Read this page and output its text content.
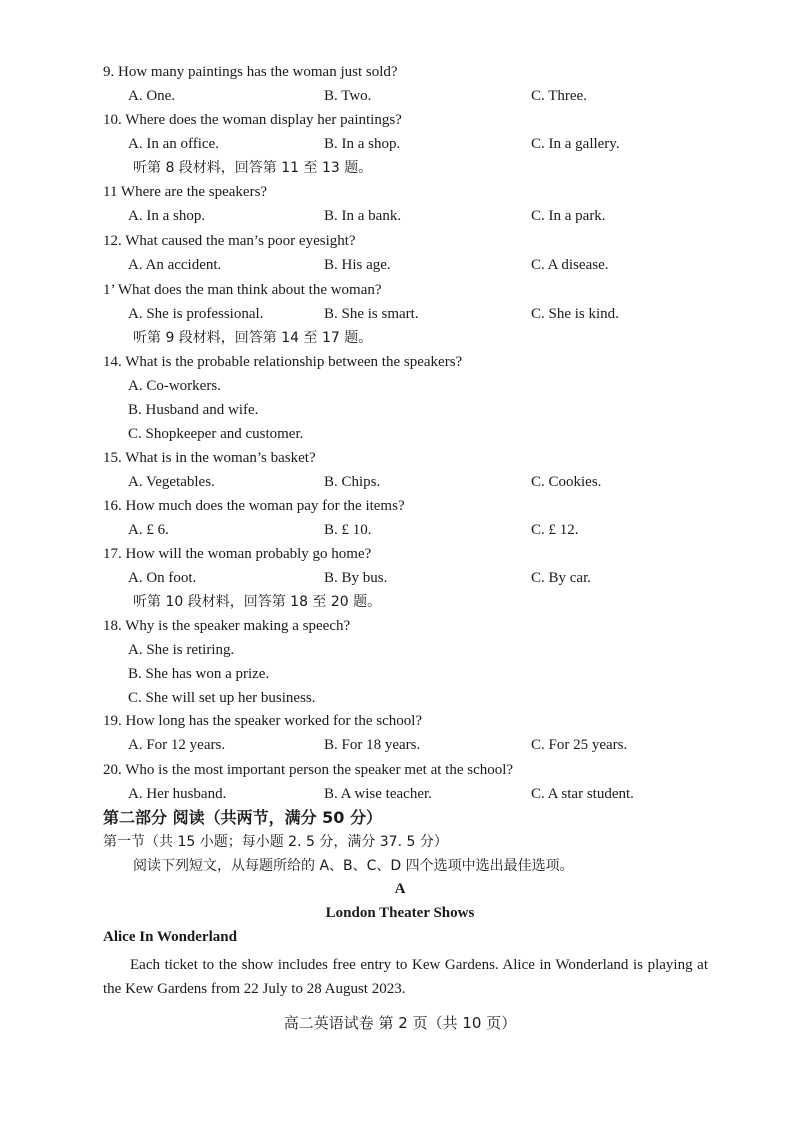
9. How many paintings has the woman just sold?
A. One.	B. Two.	C. Three.
10. Where does the woman display her paintings?
A. In an office.	B. In a shop.	C. In a gallery.
听第 8 段材料，回答第 11 至 13 题。
11 Where are the speakers?
A. In a shop.	B. In a bank.	C. In a park.
12. What caused the man’s poor eyesight?
A. An accident.	B. His age.	C. A disease.
1’ What does the man think about the woman?
A. She is professional.	B. She is smart.	C. She is kind.
听第 9 段材料，回答第 14 至 17 题。
14. What is the probable relationship between the speakers?
A. Co-workers.
B. Husband and wife.
C. Shopkeeper and customer.
15. What is in the woman’s basket?
A. Vegetables.	B. Chips.	C. Cookies.
16. How much does the woman pay for the items?
A. £ 6.	B. £ 10.	C. £ 12.
17. How will the woman probably go home?
A. On foot.	B. By bus.	C. By car.
听第 10 段材料，回答第 18 至 20 题。
18. Why is the speaker making a speech?
A. She is retiring.
B. She has won a prize.
C. She will set up her business.
19. How long has the speaker worked for the school?
A. For 12 years.	B. For 18 years.	C. For 25 years.
20. Who is the most important person the speaker met at the school?
A. Her husband.	B. A wise teacher.	C. A star student.
第二部分 阅读（共两节，满分 50 分）
第一节（共 15 小题；每小题 2. 5 分，满分 37. 5 分）
阅读下列短文，从每题所给的 A、B、C、D 四个选项中选出最佳选项。
A
London Theater Shows
Alice In Wonderland
Each ticket to the show includes free entry to Kew Gardens. Alice in Wonderland is playing at the Kew Gardens from 22 July to 28 August 2023.
高二英语试卷 第 2 页（共 10 页）
